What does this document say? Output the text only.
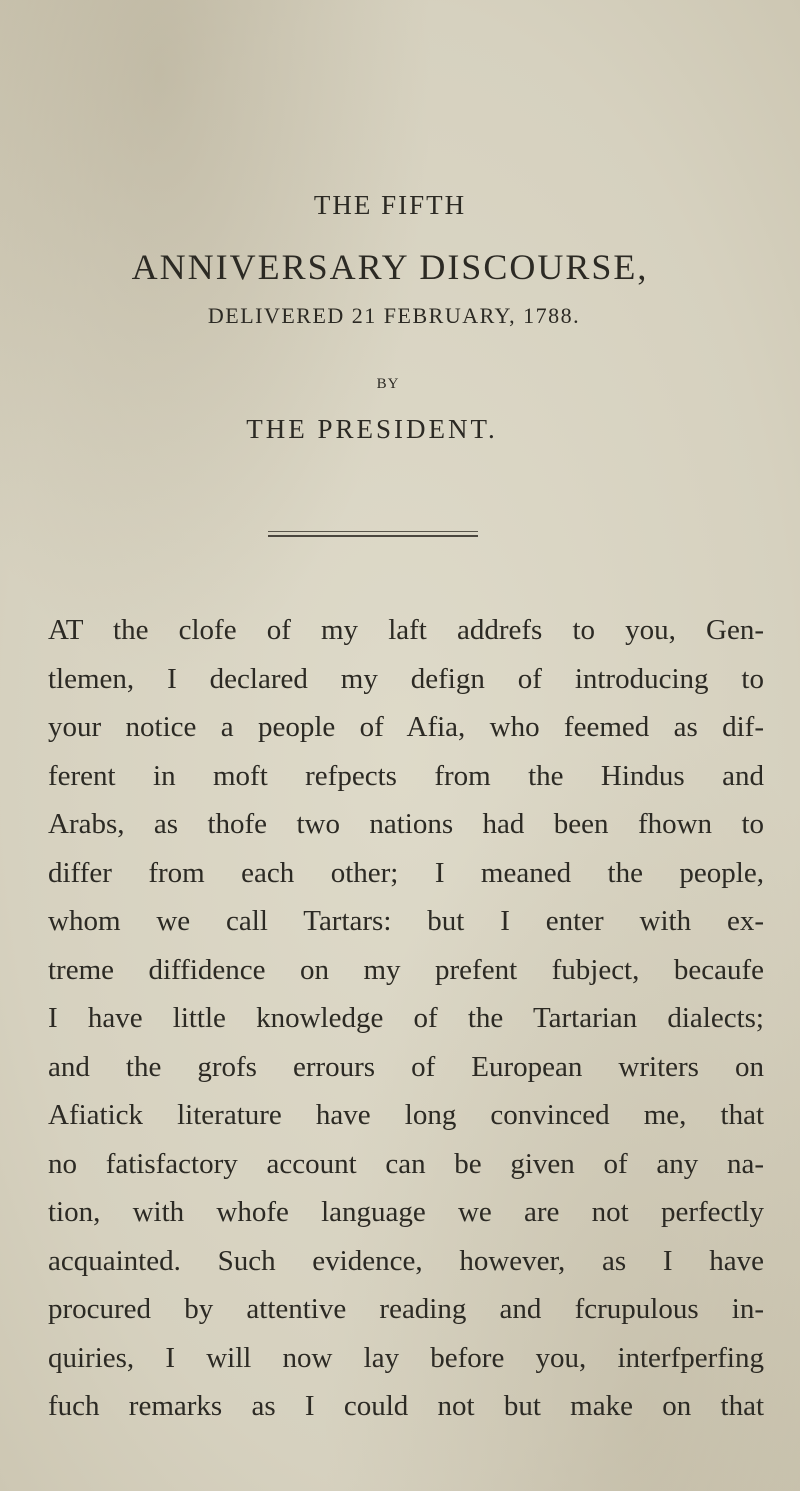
THE FIFTH
ANNIVERSARY DISCOURSE,
DELIVERED 21 FEBRUARY, 1788.
BY
THE PRESIDENT.
AT the clofe of my laft addrefs to you, Gen-
tlemen, I declared my defign of introducing to
your notice a people of Afia, who feemed as dif-
ferent in moft refpects from the Hindus and
Arabs, as thofe two nations had been fhown to
differ from each other; I meaned the people,
whom we call Tartars: but I enter with ex-
treme diffidence on my prefent fubject, becaufe
I have little knowledge of the Tartarian dialects;
and the grofs errours of European writers on
Afiatick literature have long convinced me, that
no fatisfactory account can be given of any na-
tion, with whofe language we are not perfectly
acquainted. Such evidence, however, as I have
procured by attentive reading and fcrupulous in-
quiries, I will now lay before you, interfperfing
fuch remarks as I could not but make on that
